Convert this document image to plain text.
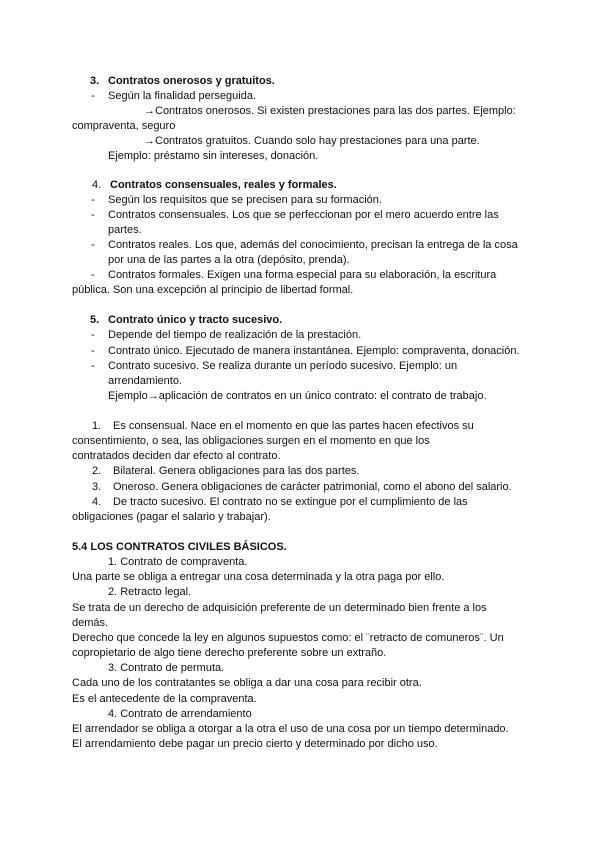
3. Contratos onerosos y gratuitos.
- Según la finalidad perseguida.
→Contratos onerosos. Si existen prestaciones para las dos partes. Ejemplo:
compraventa, seguro
→Contratos gratuitos. Cuando solo hay prestaciones para una parte.
Ejemplo: préstamo sin intereses, donación.
4. Contratos consensuales, reales y formales.
- Según los requisitos que se precisen para su formación.
- Contratos consensuales. Los que se perfeccionan por el mero acuerdo entre las
partes.
- Contratos reales. Los que, además del conocimiento, precisan la entrega de la cosa
por una de las partes a la otra (depósito, prenda).
- Contratos formales. Exigen una forma especial para su elaboración, la escritura
pública. Son una excepción al principio de libertad formal.
5. Contrato único y tracto sucesivo.
- Depende del tiempo de realización de la prestación.
- Contrato único. Ejecutado de manera instantánea. Ejemplo: compraventa, donación.
- Contrato sucesivo. Se realiza durante un período sucesivo. Ejemplo: un
arrendamiento.
Ejemplo→aplicación de contratos en un único contrato: el contrato de trabajo.
1. Es consensual. Nace en el momento en que las partes hacen efectivos su
consentimiento, o sea, las obligaciones surgen en el momento en que los
contratados deciden dar efecto al contrato.
2. Bilateral. Genera obligaciones para las dos partes.
3. Oneroso. Genera obligaciones de carácter patrimonial, como el abono del salario.
4. De tracto sucesivo. El contrato no se extingue por el cumplimiento de las
obligaciones (pagar el salario y trabajar).
5.4 LOS CONTRATOS CIVILES BÁSICOS.
1. Contrato de compraventa.
Una parte se obliga a entregar una cosa determinada y la otra paga por ello.
2. Retracto legal.
Se trata de un derecho de adquisición preferente de un determinado bien frente a los
demás.
Derecho que concede la ley en algunos supuestos como: el ¨retracto de comuneros¨. Un
copropietario de algo tiene derecho preferente sobre un extraño.
3. Contrato de permuta.
Cada uno de los contratantes se obliga a dar una cosa para recibir otra.
Es el antecedente de la compraventa.
4. Contrato de arrendamiento
El arrendador se obliga a otorgar a la otra el uso de una cosa por un tiempo determinado.
El arrendamiento debe pagar un precio cierto y determinado por dicho uso.
